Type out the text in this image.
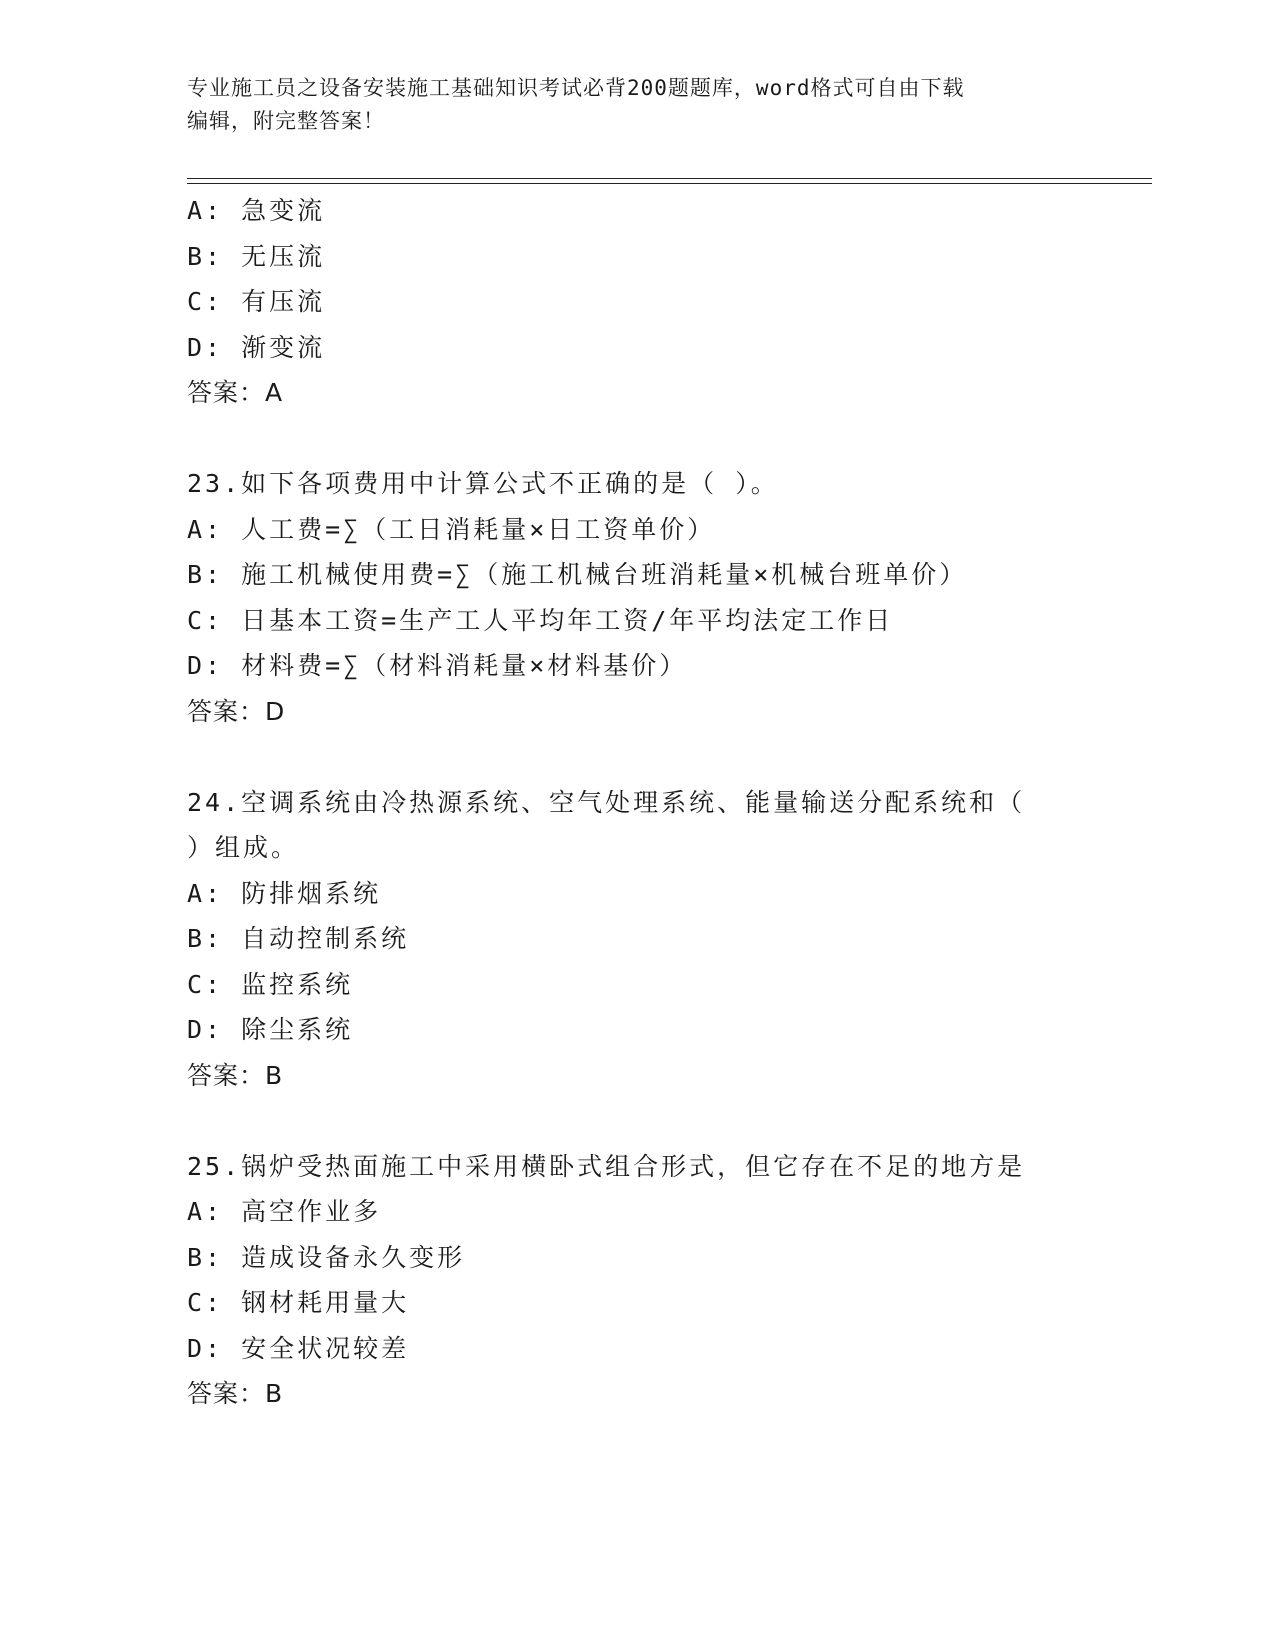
专业施工员之设备安装施工基础知识考试必背200题题库，word格式可自由下载
编辑，附完整答案！
A: 急变流
B: 无压流
C: 有压流
D: 渐变流
答案：A
23.如下各项费用中计算公式不正确的是（ ）。
A: 人工费=∑（工日消耗量×日工资单价）
B: 施工机械使用费=∑（施工机械台班消耗量×机械台班单价）
C: 日基本工资=生产工人平均年工资/年平均法定工作日
D: 材料费=∑（材料消耗量×材料基价）
答案：D
24.空调系统由冷热源系统、空气处理系统、能量输送分配系统和（
）组成。
A: 防排烟系统
B: 自动控制系统
C: 监控系统
D: 除尘系统
答案：B
25.锅炉受热面施工中采用横卧式组合形式，但它存在不足的地方是
A: 高空作业多
B: 造成设备永久变形
C: 钢材耗用量大
D: 安全状况较差
答案：B
